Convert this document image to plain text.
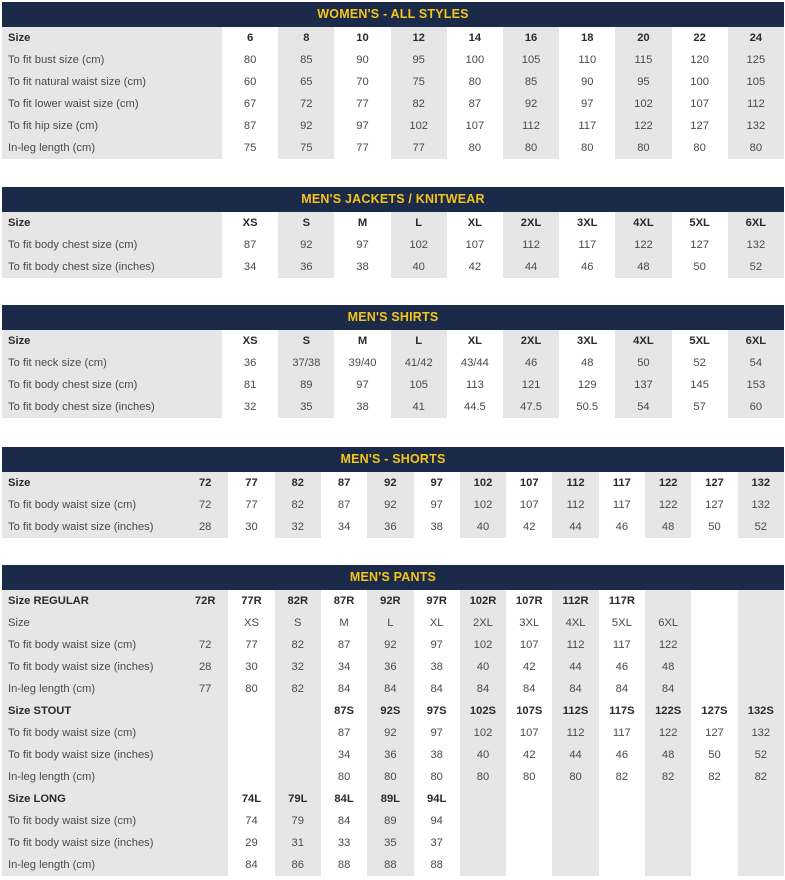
WOMEN'S - ALL STYLES
Size	6	8	10	12	14	16	18	20	22	24
To fit bust size (cm)	80	85	90	95	100	105	110	115	120	125
To fit natural waist size (cm)	60	65	70	75	80	85	90	95	100	105
To fit lower waist size (cm)	67	72	77	82	87	92	97	102	107	112
To fit hip size (cm)	87	92	97	102	107	112	117	122	127	132
In-leg length (cm)	75	75	77	77	80	80	80	80	80	80
MEN'S JACKETS / KNITWEAR
Size	XS	S	M	L	XL	2XL	3XL	4XL	5XL	6XL
To fit body chest size (cm)	87	92	97	102	107	112	117	122	127	132
To fit body chest size (inches)	34	36	38	40	42	44	46	48	50	52
MEN'S SHIRTS
Size	XS	S	M	L	XL	2XL	3XL	4XL	5XL	6XL
To fit neck size (cm)	36	37/38	39/40	41/42	43/44	46	48	50	52	54
To fit body chest size (cm)	81	89	97	105	113	121	129	137	145	153
To fit body chest size (inches)	32	35	38	41	44.5	47.5	50.5	54	57	60
MEN'S - SHORTS
Size	72	77	82	87	92	97	102	107	112	117	122	127	132
To fit body waist size (cm)	72	77	82	87	92	97	102	107	112	117	122	127	132
To fit body waist size (inches)	28	30	32	34	36	38	40	42	44	46	48	50	52
MEN'S PANTS
Size REGULAR	72R	77R	82R	87R	92R	97R	102R	107R	112R	117R			
Size		XS	S	M	L	XL	2XL	3XL	4XL	5XL	6XL		
To fit body waist size (cm)	72	77	82	87	92	97	102	107	112	117	122		
To fit body waist size (inches)	28	30	32	34	36	38	40	42	44	46	48		
In-leg length (cm)	77	80	82	84	84	84	84	84	84	84	84		
Size STOUT				87S	92S	97S	102S	107S	112S	117S	122S	127S	132S
To fit body waist size (cm)				87	92	97	102	107	112	117	122	127	132
To fit body waist size (inches)				34	36	38	40	42	44	46	48	50	52
In-leg length (cm)				80	80	80	80	80	80	82	82	82	82
Size LONG		74L	79L	84L	89L	94L							
To fit body waist size (cm)		74	79	84	89	94							
To fit body waist size (inches)		29	31	33	35	37							
In-leg length (cm)		84	86	88	88	88							
